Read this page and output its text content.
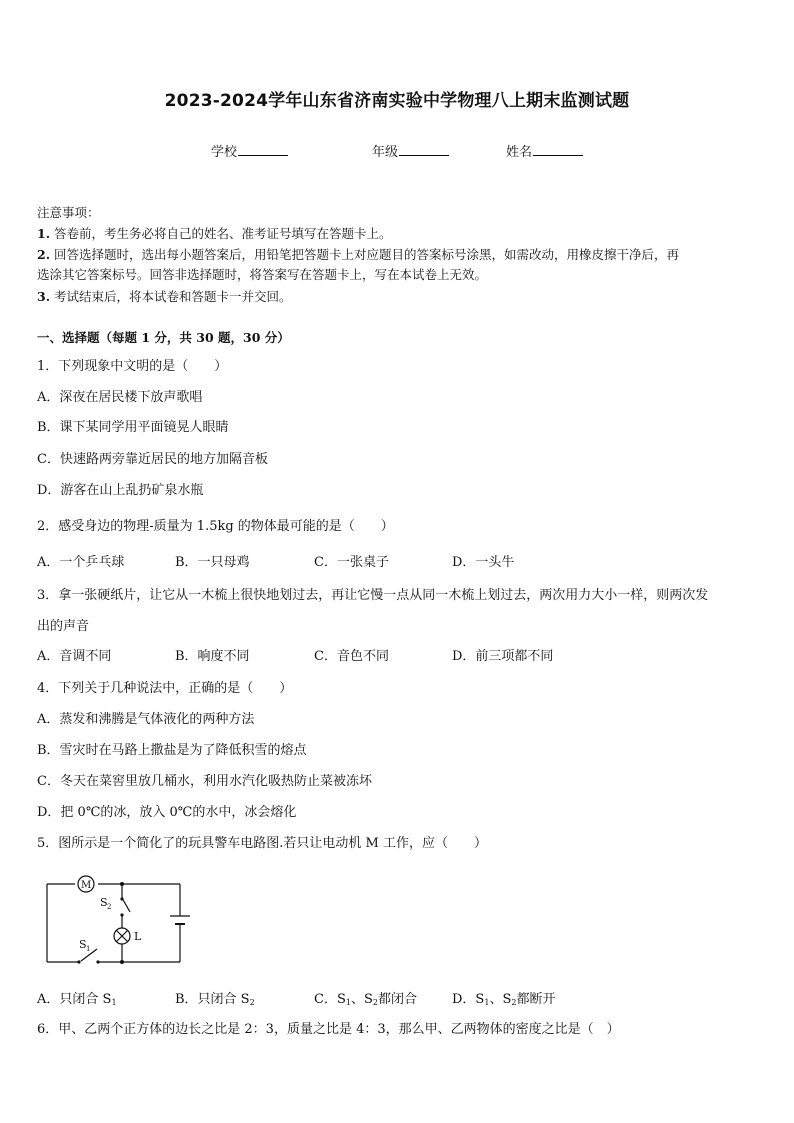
2023-2024学年山东省济南实验中学物理八上期末监测试题
学校	年级	姓名
注意事项：
1. 答卷前，考生务必将自己的姓名、准考证号填写在答题卡上。
2. 回答选择题时，选出每小题答案后，用铅笔把答题卡上对应题目的答案标号涂黑，如需改动，用橡皮擦干净后，再
选涂其它答案标号。回答非选择题时，将答案写在答题卡上，写在本试卷上无效。
3. 考试结束后，将本试卷和答题卡一并交回。
一、选择题（每题 1 分，共 30 题，30 分）
1．下列现象中文明的是（　　）
A．深夜在居民楼下放声歌唱
B．课下某同学用平面镜晃人眼睛
C．快速路两旁靠近居民的地方加隔音板
D．游客在山上乱扔矿泉水瓶
2．感受身边的物理-质量为 1.5kg 的物体最可能的是（　　）
A．一个乒乓球	B．一只母鸡	C．一张桌子	D．一头牛
3．拿一张硬纸片，让它从一木梳上很快地划过去，再让它慢一点从同一木梳上划过去，两次用力大小一样，则两次发
出的声音
A．音调不同	B．响度不同	C．音色不同	D．前三项都不同
4．下列关于几种说法中，正确的是（　　）
A．蒸发和沸腾是气体液化的两种方法
B．雪灾时在马路上撒盐是为了降低积雪的熔点
C．冬天在菜窖里放几桶水，利用水汽化吸热防止菜被冻坏
D．把 0℃的冰，放入 0℃的水中，冰会熔化
5．图所示是一个简化了的玩具警车电路图.若只让电动机 M 工作，应（　　）
M
S 2
L
S 1
A．只闭合 $S_1$	B．只闭合 $S_2$	C．$S_1$、$S_2$都闭合	D．$S_1$、$S_2$都断开
6．甲、乙两个正方体的边长之比是 2：3，质量之比是 4：3，那么甲、乙两物体的密度之比是（　）
